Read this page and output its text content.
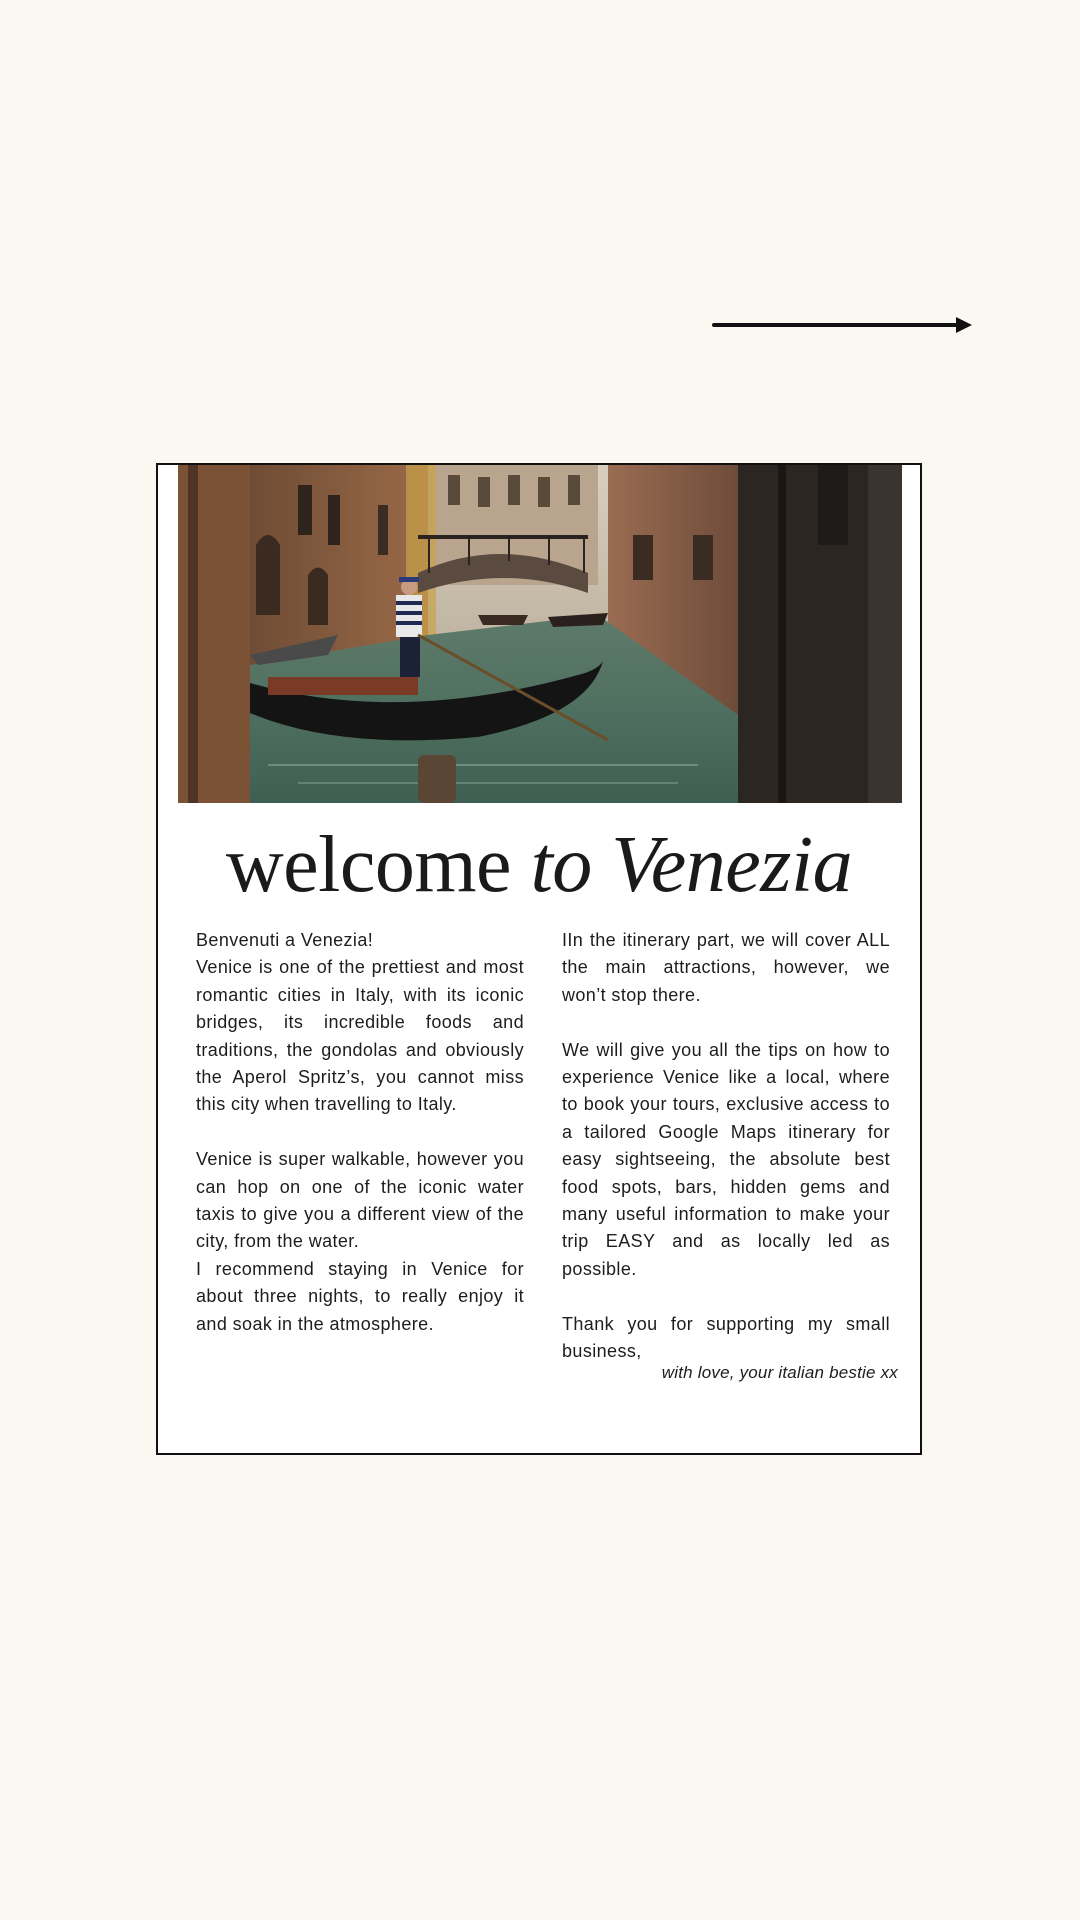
welcome to Venezia

Benvenuti a Venezia!

Venice is one of the prettiest and most romantic cities in Italy, with its iconic bridges, its incredible foods and traditions, the gondolas and obviously the Aperol Spritz’s, you cannot miss this city when travelling to Italy.

Venice is super walkable, however you can hop on one of the iconic water taxis to give you a different view of the city, from the water.

I recommend staying in Venice for about three nights, to really enjoy it and soak in the atmosphere.

IIn the itinerary part, we will cover ALL the main attractions, however, we won’t stop there.

We will give you all the tips on how to experience Venice like a local, where to book your tours, exclusive access to a tailored Google Maps itinerary for easy sightseeing, the absolute best food spots, bars, hidden gems and many useful information to make your trip EASY and as locally led as possible.

Thank you for supporting my small business,

with love, your italian bestie xx
